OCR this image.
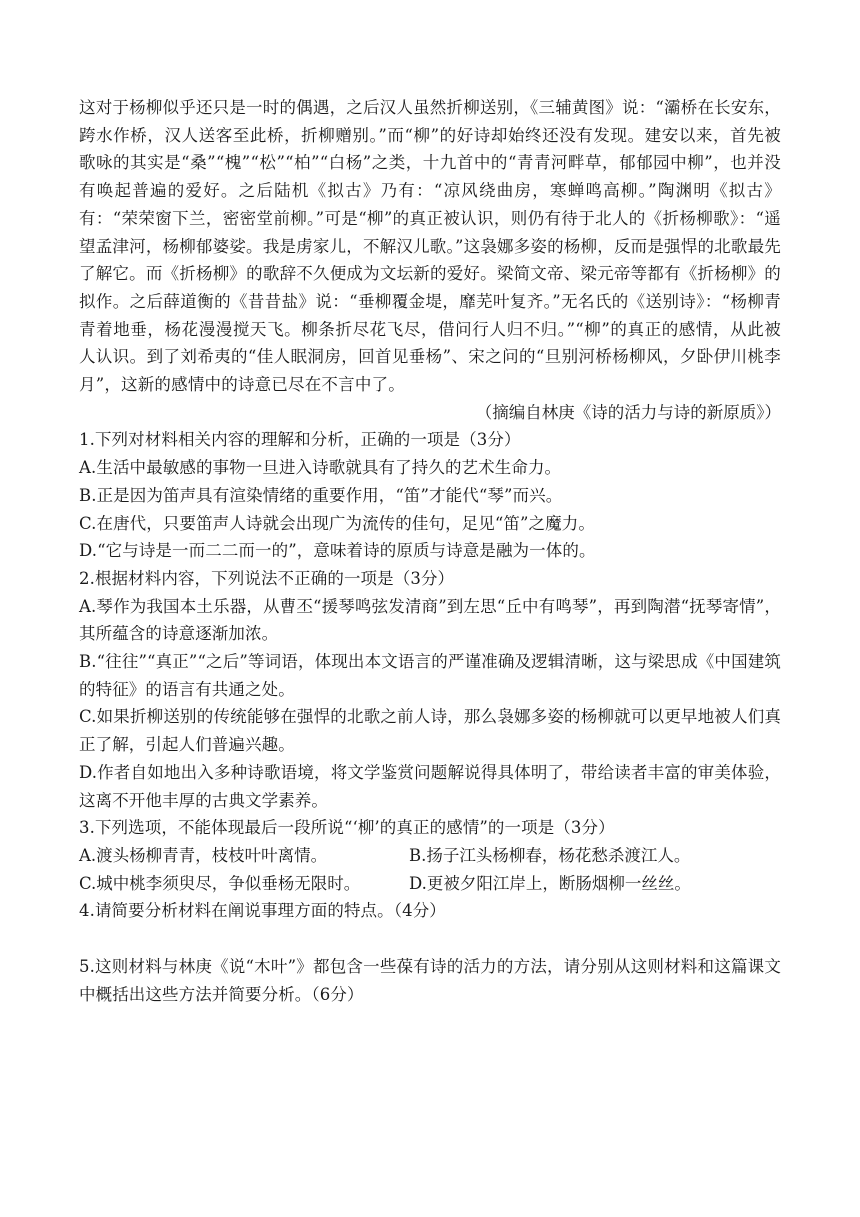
这对于杨柳似乎还只是一时的偶遇，之后汉人虽然折柳送别，《三辅黄图》说：“灞桥在长安东，跨水作桥，汉人送客至此桥，折柳赠别。”而“柳”的好诗却始终还没有发现。建安以来，首先被歌咏的其实是“桑”“槐”“松”“柏”“白杨”之类，十九首中的“青青河畔草，郁郁园中柳”，也并没有唤起普遍的爱好。之后陆机《拟古》乃有：“凉风绕曲房，寒蝉鸣高柳。”陶渊明《拟古》有：“荣荣窗下兰，密密堂前柳。”可是“柳”的真正被认识，则仍有待于北人的《折杨柳歌》：“遥望孟津河，杨柳郁婆娑。我是虏家儿，不解汉儿歌。”这袅娜多姿的杨柳，反而是强悍的北歌最先了解它。而《折杨柳》的歌辞不久便成为文坛新的爱好。梁简文帝、梁元帝等都有《折杨柳》的拟作。之后薛道衡的《昔昔盐》说：“垂柳覆金堤，靡芜叶复齐。”无名氏的《送别诗》：“杨柳青青着地垂，杨花漫漫搅天飞。柳条折尽花飞尽，借问行人归不归。”“柳”的真正的感情，从此被人认识。到了刘希夷的“佳人眠洞房，回首见垂杨”、宋之问的“旦别河桥杨柳风，夕卧伊川桃李月”，这新的感情中的诗意已尽在不言中了。

（摘编自林庚《诗的活力与诗的新原质》）

1.下列对材料相关内容的理解和分析，正确的一项是（3分）

A.生活中最敏感的事物一旦进入诗歌就具有了持久的艺术生命力。

B.正是因为笛声具有渲染情绪的重要作用，“笛”才能代“琴”而兴。

C.在唐代，只要笛声人诗就会出现广为流传的佳句，足见“笛”之魔力。

D.“它与诗是一而二二而一的”，意味着诗的原质与诗意是融为一体的。

2.根据材料内容，下列说法不正确的一项是（3分）

A.琴作为我国本土乐器，从曹丕“援琴鸣弦发清商”到左思“丘中有鸣琴”，再到陶潜“抚琴寄情”，其所蕴含的诗意逐渐加浓。

B.“往往”“真正”“之后”等词语，体现出本文语言的严谨准确及逻辑清晰，这与梁思成《中国建筑的特征》的语言有共通之处。

C.如果折柳送别的传统能够在强悍的北歌之前人诗，那么袅娜多姿的杨柳就可以更早地被人们真正了解，引起人们普遍兴趣。

D.作者自如地出入多种诗歌语境，将文学鉴赏问题解说得具体明了，带给读者丰富的审美体验，这离不开他丰厚的古典文学素养。

3.下列选项，不能体现最后一段所说“‘柳’的真正的感情”的一项是（3分）

A.渡头杨柳青青，枝枝叶叶离情。	B.扬子江头杨柳春，杨花愁杀渡江人。
C.城中桃李须臾尽，争似垂杨无限时。	D.更被夕阳江岸上，断肠烟柳一丝丝。

4.请简要分析材料在阐说事理方面的特点。（4分）

5.这则材料与林庚《说“木叶”》都包含一些葆有诗的活力的方法，请分别从这则材料和这篇课文中概括出这些方法并简要分析。（6分）
